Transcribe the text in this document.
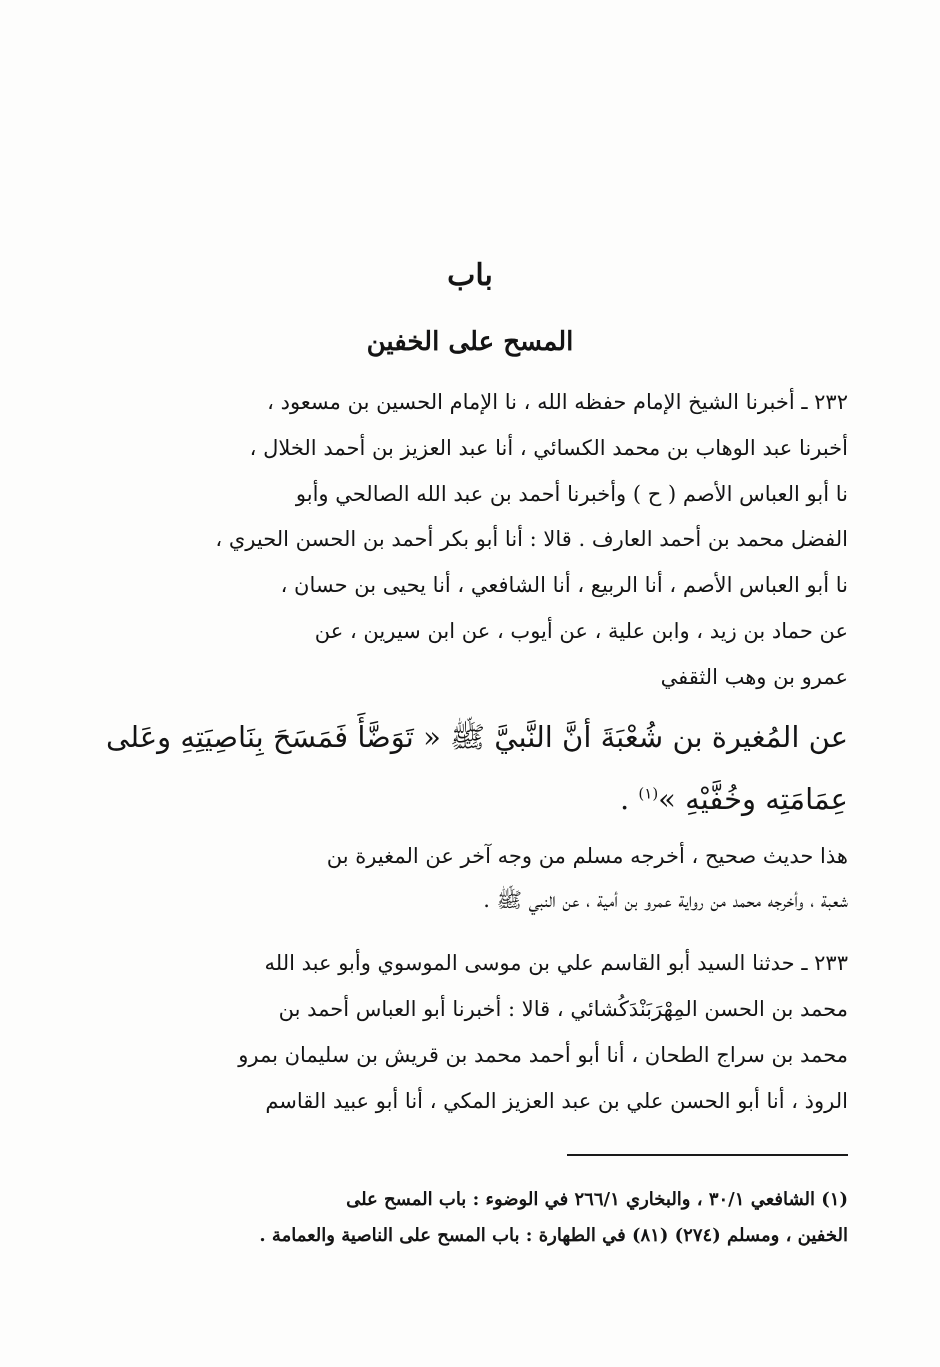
باب
المسح على الخفين
٢٣٢ ـ أخبرنا الشيخ الإمام حفظه الله ، نا الإمام الحسين بن مسعود ،
أخبرنا عبد الوهاب بن محمد الكسائي ، أنا عبد العزيز بن أحمد الخلال ،
نا أبو العباس الأصم ( ح ) وأخبرنا أحمد بن عبد الله الصالحي وأبو
الفضل محمد بن أحمد العارف . قالا : أنا أبو بكر أحمد بن الحسن الحيري ،
نا أبو العباس الأصم ، أنا الربيع ، أنا الشافعي ، أنا يحيى بن حسان ،
عن حماد بن زيد ، وابن علية ، عن أيوب ، عن ابن سيرين ، عن
عمرو بن وهب الثقفي
عن المُغيرة بن شُعْبَةَ أنَّ النَّبيَّ ﷺ « تَوَضَّأَ فَمَسَحَ بِنَاصِيَتِهِ وعَلى
عِمَامَتِه وخُفَّيْهِ »$^{(١)}$ .
هذا حديث صحيح ، أخرجه مسلم من وجه آخر عن المغيرة بن
شعبة ، وأخرجه محمد من رواية عمرو بن أمية ، عن النبي ﷺ .
٢٣٣ ـ حدثنا السيد أبو القاسم علي بن موسى الموسوي وأبو عبد الله
محمد بن الحسن المِهْرَبَنْدَكُشائي ، قالا : أخبرنا أبو العباس أحمد بن
محمد بن سراج الطحان ، أنا أبو أحمد محمد بن قريش بن سليمان بمرو
الروذ ، أنا أبو الحسن علي بن عبد العزيز المكي ، أنا أبو عبيد القاسم
(١) الشافعي ٣٠/١ ، والبخاري ٢٦٦/١ في الوضوء : باب المسح على
الخفين ، ومسلم (٢٧٤) (٨١) في الطهارة : باب المسح على الناصية والعمامة .
